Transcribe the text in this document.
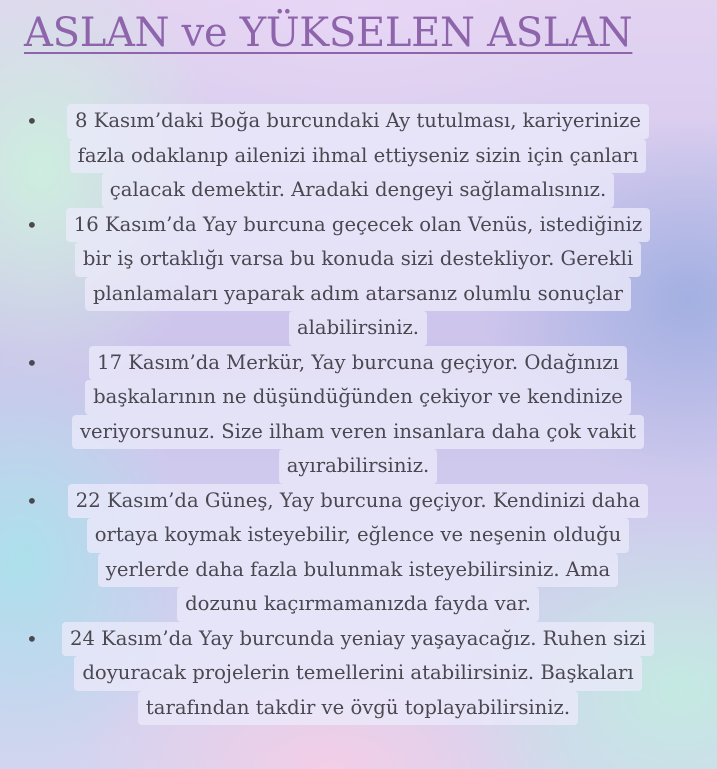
ASLAN ve YÜKSELEN ASLAN
• 8 Kasım’daki Boğa burcundaki Ay tutulması, kariyerinize
fazla odaklanıp ailenizi ihmal ettiyseniz sizin için çanları
çalacak demektir. Aradaki dengeyi sağlamalısınız.
• 16 Kasım’da Yay burcuna geçecek olan Venüs, istediğiniz
bir iş ortaklığı varsa bu konuda sizi destekliyor. Gerekli
planlamaları yaparak adım atarsanız olumlu sonuçlar
alabilirsiniz.
•	17 Kasım’da Merkür, Yay burcuna geçiyor. Odağınızı
başkalarının ne düşündüğünden çekiyor ve kendinize
veriyorsunuz. Size ilham veren insanlara daha çok vakit
ayırabilirsiniz.
• 22 Kasım’da Güneş, Yay burcuna geçiyor. Kendinizi daha
ortaya koymak isteyebilir, eğlence ve neşenin olduğu
yerlerde daha fazla bulunmak isteyebilirsiniz. Ama
dozunu kaçırmamanızda fayda var.
• 24 Kasım’da Yay burcunda yeniay yaşayacağız. Ruhen sizi
doyuracak projelerin temellerini atabilirsiniz. Başkaları
tarafından takdir ve övgü toplayabilirsiniz.
